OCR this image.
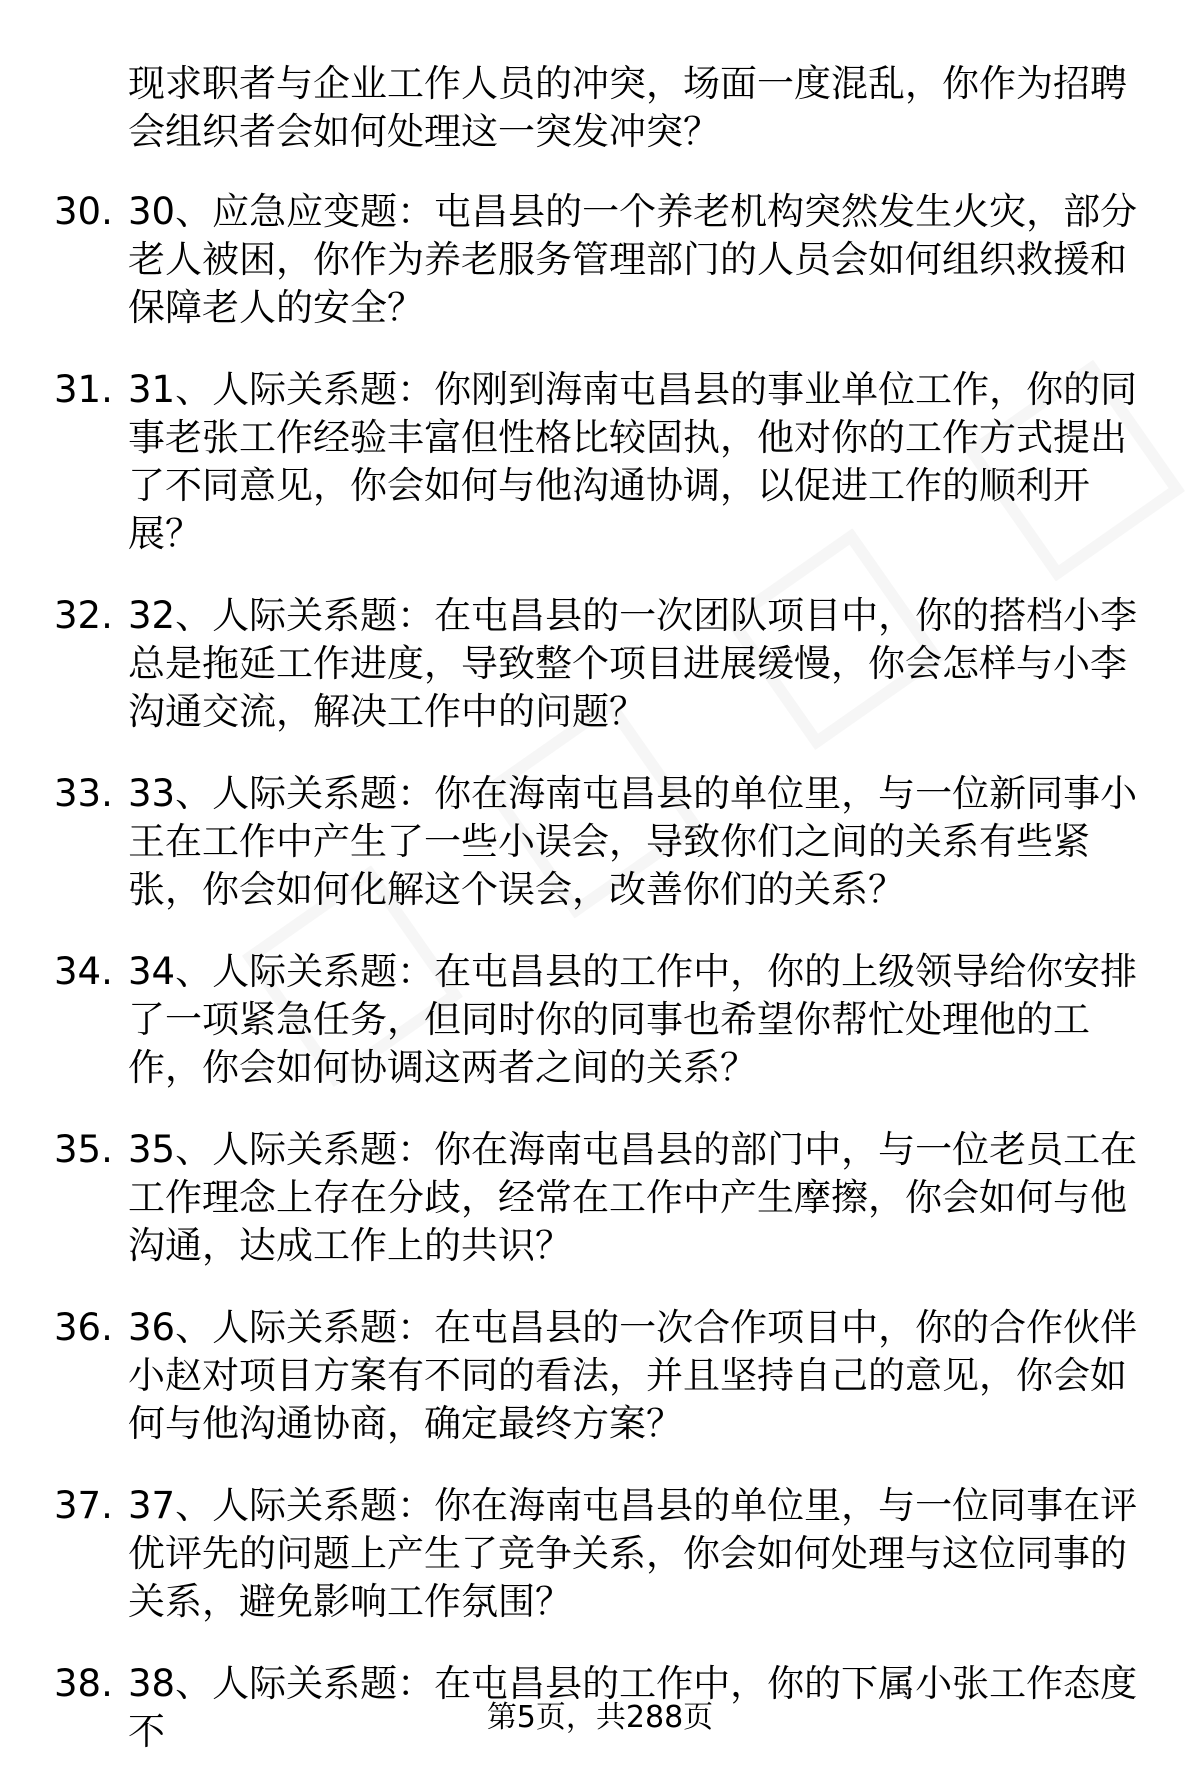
现求职者与企业工作人员的冲突，场面一度混乱，你作为招聘会组织者会如何处理这一突发冲突？

30. 30、应急应变题：屯昌县的一个养老机构突然发生火灾，部分老人被困，你作为养老服务管理部门的人员会如何组织救援和保障老人的安全？
31. 31、人际关系题：你刚到海南屯昌县的事业单位工作，你的同事老张工作经验丰富但性格比较固执，他对你的工作方式提出了不同意见，你会如何与他沟通协调，以促进工作的顺利开展？
32. 32、人际关系题：在屯昌县的一次团队项目中，你的搭档小李总是拖延工作进度，导致整个项目进展缓慢，你会怎样与小李沟通交流，解决工作中的问题？
33. 33、人际关系题：你在海南屯昌县的单位里，与一位新同事小王在工作中产生了一些小误会，导致你们之间的关系有些紧张，你会如何化解这个误会，改善你们的关系？
34. 34、人际关系题：在屯昌县的工作中，你的上级领导给你安排了一项紧急任务，但同时你的同事也希望你帮忙处理他的工作，你会如何协调这两者之间的关系？
35. 35、人际关系题：你在海南屯昌县的部门中，与一位老员工在工作理念上存在分歧，经常在工作中产生摩擦，你会如何与他沟通，达成工作上的共识？
36. 36、人际关系题：在屯昌县的一次合作项目中，你的合作伙伴小赵对项目方案有不同的看法，并且坚持自己的意见，你会如何与他沟通协商，确定最终方案？
37. 37、人际关系题：你在海南屯昌县的单位里，与一位同事在评优评先的问题上产生了竞争关系，你会如何处理与这位同事的关系，避免影响工作氛围？
38. 38、人际关系题：在屯昌县的工作中，你的下属小张工作态度不	第5页，共288页
